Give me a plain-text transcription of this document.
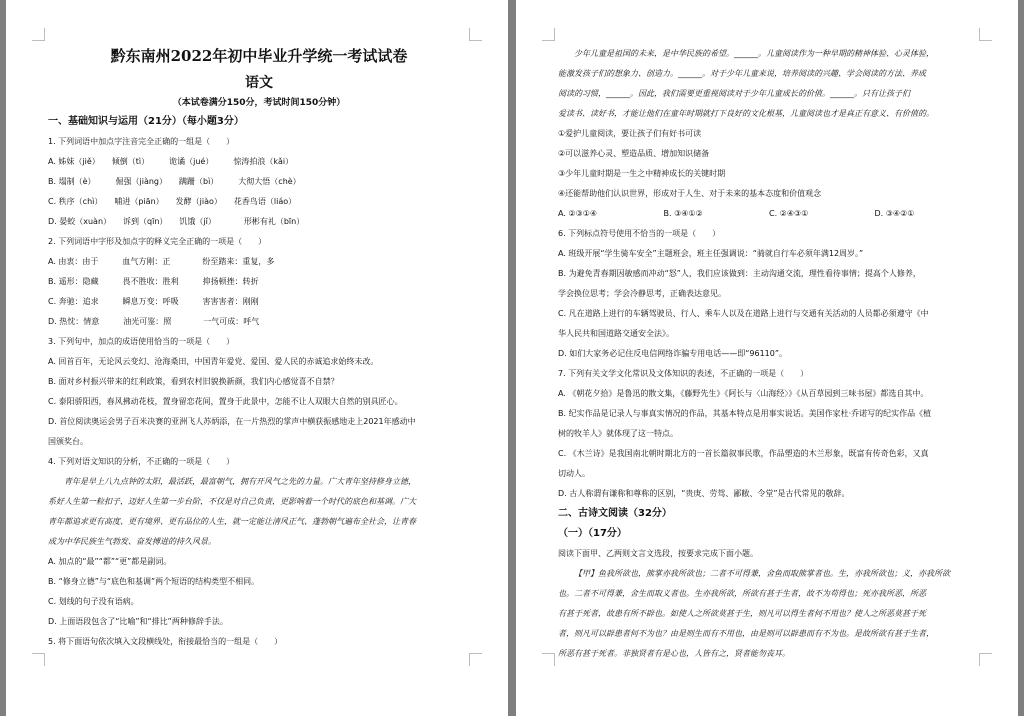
黔东南州2022年初中毕业升学统一考试试卷
语文
（本试卷满分150分，考试时间150分钟）
一、基础知识与运用（21分）（每小题3分）
1. 下列词语中加点字注音完全正确的一组是（　　）
A. 姊妹（jiě）　　倾倒（tì）　　　诡谲（jué）　　　惊涛拍浪（kǎi）
B. 塌制（è）　　　倔强（jiàng）　　蹒跚（bì）　　　大彻大悟（chè）
C. 秩序（chì）　　哺进（piān）　　发酵（jiào）　　花香鸟语（liáo）
D. 晏蛟（xuàn）　　诉到（qīn）　　饥饿（jǐ）　　　　形彬有礼（bīn）
2. 下列词语中字形及加点字的释义完全正确的一项是（　　）
A. 由衷：由于　　　血气方刚：正　　　　纷至踏来：重复，多
B. 遥形：隐藏　　　畏不胜收：胜利　　　抑扬顿挫：转折
C. 奔驰：追求　　　瞬息万变：呼吸　　　害害害者：刚刚
D. 热忱：情意　　　油光可鉴：照　　　　一气可成：呼气
3. 下列句中，加点的成语使用恰当的一项是（　　）
A. 回首百年，无论风云变幻、沧海桑田，中国青年爱党、爱国、爱人民的赤诚追求始终未改。
B. 面对乡村振兴带来的红利政策，看到农村旧貌换新颜，我们内心感觉喜不自禁？
C. 泰阳骄阳西，春风拂动花枝，置身留恋花间，置身于此景中，怎能不让人双眼大自然的别具匠心。
D. 首位阅读奥运会男子百米决赛的亚洲飞人苏炳添，在一片热烈的掌声中横获振感地走上2021年感动中
国颁奖台。
4. 下列对语文知识的分析，不正确的一项是（　　）
青年是早上八九点钟的太阳，最活跃，最富朝气，拥有开风气之先的力量。广大青年坚持修身立德，
系好人生第一粒扣子，迈好人生第一步台阶，不仅是对自己负责，更影响着一个时代的底色和基调。广大
青年都追求更有高度、更有境界、更有品位的人生，就一定能让清风正气、蓬勃朝气遍布全社会，让青春
成为中华民族生气勃发、奋发搏进的持久风景。
A. 加点的“最”“都”“更”都是副词。
B. “修身立德”与“底色和基调”两个短语的结构类型不相同。
C. 划线的句子没有语病。
D. 上面语段包含了“比喻”和“排比”两种修辞手法。
5. 将下面语句依次填入文段横线处，衔接最恰当的一组是（　　）
少年儿童是祖国的未来，是中华民族的希望。______。儿童阅读作为一种早期的精神体验、心灵体验，
能激发孩子们的想象力、创造力。______。对于少年儿童来说，培养阅读的兴趣、学会阅读的方法、养成
阅读的习惯，______。因此，我们需要更重视阅读对于少年儿童成长的价值。______。只有让孩子们
爱读书、读好书，才能让他们在童年时期就打下良好的文化根基，儿童阅读也才是真正有意义、有价值的。
①爱护儿童阅读，要让孩子们有好书可读
②可以滋养心灵、塑造品质、增加知识储备
③少年儿童时期是一生之中精神成长的关键时期
④还能帮助他们认识世界，形成对于人生、对于未来的基本态度和价值观念
A. ②③①④	B. ③④①②	C. ②④③①	D. ③④②①
6. 下列标点符号使用不恰当的一项是（　　）
A. 班级开展“学生骑车安全”主题班会，班主任强调说：“骑就自行车必须年满12周岁。”
B. 为避免青春期因敏感而冲动“怒”人，我们应该做到：主动沟通交流，理性看待事情；提高个人修养，
学会换位思考；学会冷静思考，正确表达意见。
C. 凡在道路上进行的车辆驾驶员、行人、乘车人以及在道路上进行与交通有关活动的人员都必须遵守《中
华人民共和国道路交通安全法》。
D. 如们大家务必记住反电信网络诈骗专用电话——即“96110”。
7. 下列有关文学文化常识及文体知识的表述，不正确的一项是（　　）
A. 《朝花夕拾》是鲁迅的散文集，《藤野先生》《阿长与〈山海经〉》《从百草园到三味书屋》都选自其中。
B. 纪实作品是记录人与事真实情况的作品，其基本特点是用事实说话。美国作家杜·乔诺写的纪实作品《植
树的牧羊人》就体现了这一特点。
C. 《木兰诗》是我国南北朝时期北方的一首长篇叙事民歌，作品塑造的木兰形象，既富有传奇色彩，又真
切动人。
D. 古人称谓有谦称和尊称的区别，“贵庚、劳驾、鄙敝、令堂”是古代常见的敬辞。
二、古诗文阅读（32分）
（一）（17分）
阅读下面甲、乙两则文言文选段，按要求完成下面小题。
【甲】鱼我所欲也，熊掌亦我所欲也；二者不可得兼，舍鱼而取熊掌者也。生，亦我所欲也；义，亦我所欲
也。二者不可得兼，舍生而取义者也。生亦我所欲，所欲有甚于生者，故不为苟得也；死亦我所恶，所恶
有甚于死者，故患有所不辟也。如使人之所欲莫甚于生，则凡可以得生者何不用也？使人之所恶莫甚于死
者，则凡可以辟患者何不为也？由是则生而有不用也，由是则可以辟患而有不为也。是故所欲有甚于生者，
所恶有甚于死者。非独贤者有是心也，人皆有之，贤者能勿丧耳。
